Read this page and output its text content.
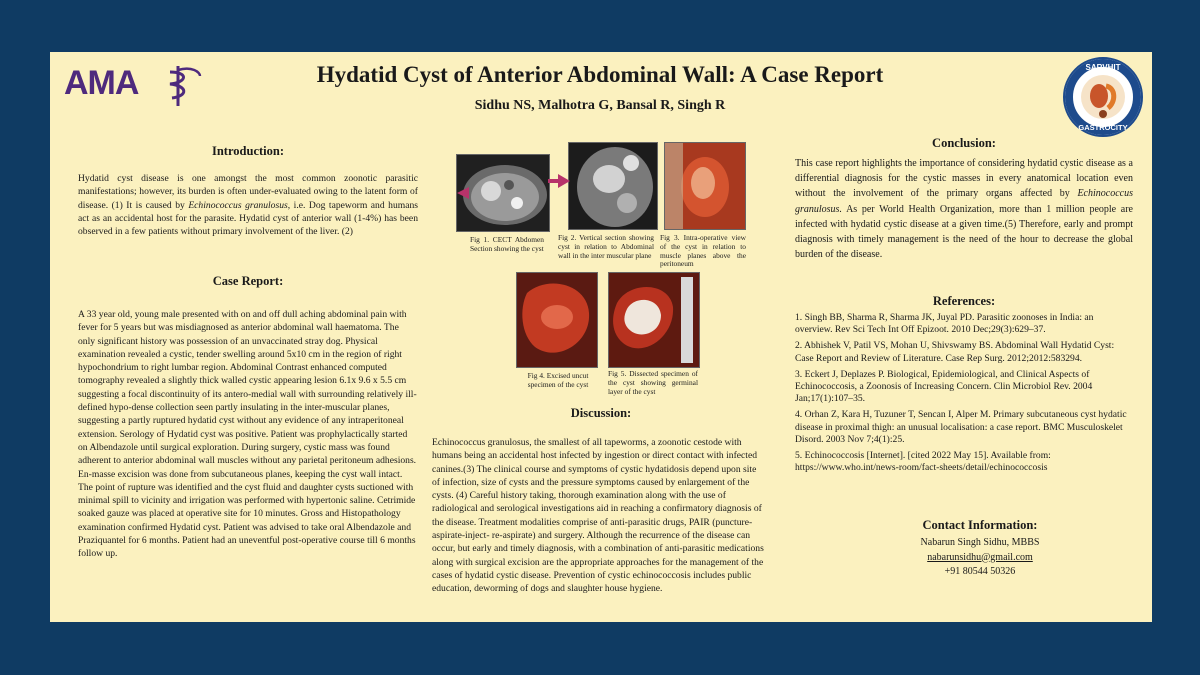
AMA	Hydatid Cyst of Anterior Abdominal Wall: A Case Report
Sidhu NS, Malhotra G, Bansal R, Singh R
SARVHIT
GASTROCITY
Introduction:
Hydatid cyst disease is one amongst the most common zoonotic parasitic manifestations; however, its burden is often under-evaluated owing to the latent form of disease. (1) It is caused by Echinococcus granulosus, i.e. Dog tapeworm and humans act as an accidental host for the parasite. Hydatid cyst of anterior wall (1-4%) has been observed in a few patients without primary involvement of the liver. (2)
Case Report:
A 33 year old, young male presented with on and off dull aching abdominal pain with fever for 5 years but was misdiagnosed as anterior abdominal wall haematoma. The only significant history was possession of an unvaccinated stray dog. Physical examination revealed a cystic, tender swelling around 5x10 cm in the region of right hypochondrium to right lumbar region. Abdominal Contrast enhanced computed tomography revealed a slightly thick walled cystic appearing lesion 6.1x 9.6 x 5.5 cm suggesting a focal discontinuity of its antero-medial wall with surrounding relatively ill- defined hypo-dense collection seen partly insulating in the inter-muscular planes, suggesting a partly ruptured hydatid cyst without any evidence of any intraperitoneal extension. Serology of Hydatid cyst was positive. Patient was prophylactically started on Albendazole until surgical exploration. During surgery, cystic mass was found adherent to anterior abdominal wall muscles without any parietal peritoneum adhesions. En-masse excision was done from subcutaneous planes, keeping the cyst wall intact. The point of rupture was identified and the cyst fluid and daughter cysts suctioned with minimal spill to vicinity and irrigation was performed with hypertonic saline. Cetrimide soaked gauze was placed at operative site for 10 minutes. Gross and Histopathology examination confirmed Hydatid cyst. Patient was advised to take oral Albendazole and Praziquantel for 6 months. Patient had an uneventful post-operative course till 6 months follow up.
Fig 1. CECT Abdomen Section showing the cyst
Fig 2. Vertical section showing cyst in relation to Abdominal wall in the inter muscular plane
Fig 3. Intra-operative view of the cyst in relation to muscle planes above the peritoneum
Fig 4. Excised uncut specimen of the cyst
Fig 5. Dissected specimen of the cyst showing germinal layer of the cyst
Discussion:
Echinococcus granulosus, the smallest of all tapeworms, a zoonotic cestode with humans being an accidental host infected by ingestion or direct contact with infected canines.(3) The clinical course and symptoms of cystic hydatidosis depend upon site of infection, size of cysts and the pressure symptoms caused by enlargement of the cysts. (4) Careful history taking, thorough examination along with the use of radiological and serological investigations aid in reaching a confirmatory diagnosis of the disease. Treatment modalities comprise of anti-parasitic drugs, PAIR (puncture-aspirate-inject- re-aspirate) and surgery. Although the recurrence of the disease can occur, but early and timely diagnosis, with a combination of anti-parasitic medications along with surgical excision are the appropriate approaches for the management of the cases of hydatid cystic disease. Prevention of cystic echinococcosis includes public education, deworming of dogs and slaughter house hygiene.
Conclusion:
This case report highlights the importance of considering hydatid cystic disease as a differential diagnosis for the cystic masses in every anatomical location even without the involvement of the primary organs affected by Echinococcus granulosus. As per World Health Organization, more than 1 million people are infected with hydatid cystic disease at a given time.(5) Therefore, early and prompt diagnosis with timely management is the need of the hour to decrease the global burden of the disease.
References:
1. Singh BB, Sharma R, Sharma JK, Juyal PD. Parasitic zoonoses in India: an overview. Rev Sci Tech Int Off Epizoot. 2010 Dec;29(3):629–37.
2. Abhishek V, Patil VS, Mohan U, Shivswamy BS. Abdominal Wall Hydatid Cyst: Case Report and Review of Literature. Case Rep Surg. 2012;2012:583294.
3. Eckert J, Deplazes P. Biological, Epidemiological, and Clinical Aspects of Echinococcosis, a Zoonosis of Increasing Concern. Clin Microbiol Rev. 2004 Jan;17(1):107–35.
4. Orhan Z, Kara H, Tuzuner T, Sencan I, Alper M. Primary subcutaneous cyst hydatic disease in proximal thigh: an unusual localisation: a case report. BMC Musculoskelet Disord. 2003 Nov 7;4(1):25.
5. Echinococcosis [Internet]. [cited 2022 May 15]. Available from: https://www.who.int/news-room/fact-sheets/detail/echinococcosis
Contact Information:
Nabarun Singh Sidhu, MBBS
nabarunsidhu@gmail.com
+91 80544 50326
